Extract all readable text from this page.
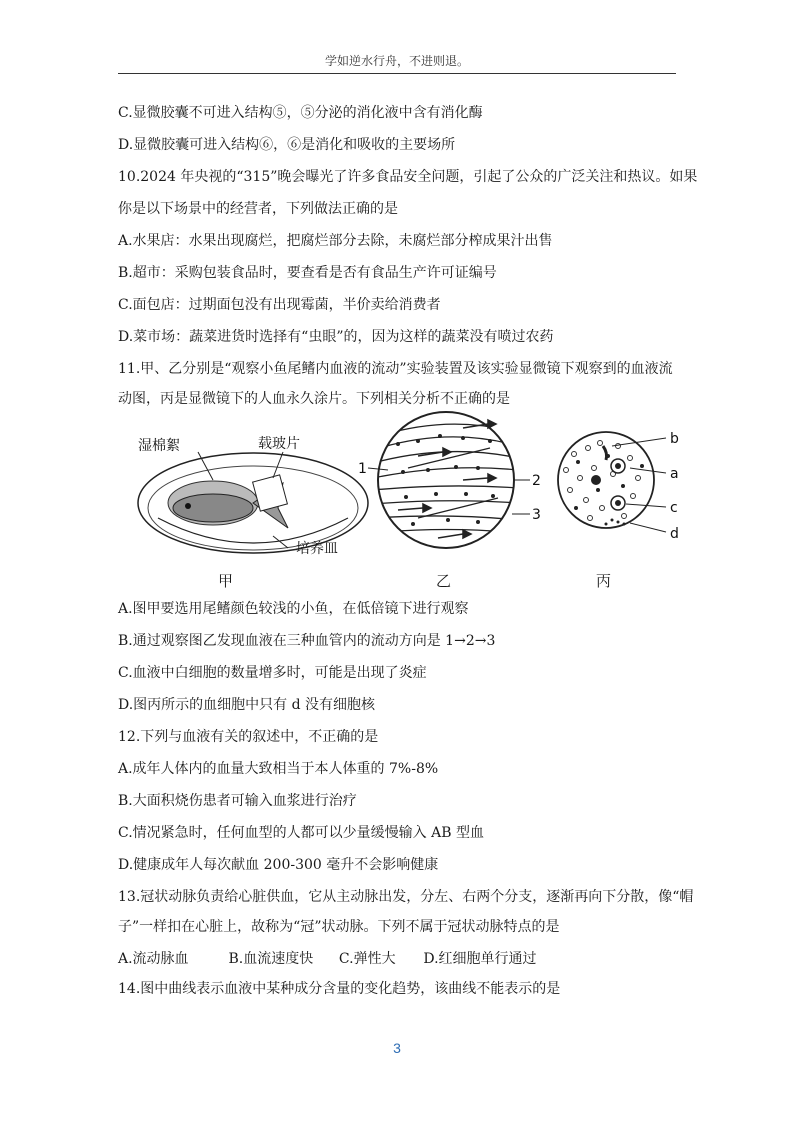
学如逆水行舟，不进则退。
C.显微胶囊不可进入结构⑤，⑤分泌的消化液中含有消化酶
D.显微胶囊可进入结构⑥，⑥是消化和吸收的主要场所
10.2024 年央视的“315”晚会曝光了许多食品安全问题，引起了公众的广泛关注和热议。如果
你是以下场景中的经营者，下列做法正确的是
A.水果店：水果出现腐烂，把腐烂部分去除，未腐烂部分榨成果汁出售
B.超市：采购包装食品时，要查看是否有食品生产许可证编号
C.面包店：过期面包没有出现霉菌，半价卖给消费者
D.菜市场：蔬菜进货时选择有“虫眼”的，因为这样的蔬菜没有喷过农药
11.甲、乙分别是“观察小鱼尾鳍内血液的流动”实验装置及该实验显微镜下观察到的血液流
动图，丙是显微镜下的人血永久涂片。下列相关分析不正确的是
湿棉絮	载玻片
培养皿
1
2
3
b
a
c
d
甲	乙	丙
A.图甲要选用尾鳍颜色较浅的小鱼，在低倍镜下进行观察
B.通过观察图乙发现血液在三种血管内的流动方向是 1→2→3
C.血液中白细胞的数量增多时，可能是出现了炎症
D.图丙所示的血细胞中只有 d 没有细胞核
12.下列与血液有关的叙述中，不正确的是
A.成年人体内的血量大致相当于本人体重的 7%-8%
B.大面积烧伤患者可输入血浆进行治疗
C.情况紧急时，任何血型的人都可以少量缓慢输入 AB 型血
D.健康成年人每次献血 200-300 毫升不会影响健康
13.冠状动脉负责给心脏供血，它从主动脉出发，分左、右两个分支，逐渐再向下分散，像“帽
子”一样扣在心脏上，故称为“冠”状动脉。下列不属于冠状动脉特点的是
A.流动脉血	B.血流速度快 C.弹性大 D.红细胞单行通过
14.图中曲线表示血液中某种成分含量的变化趋势，该曲线不能表示的是
3
